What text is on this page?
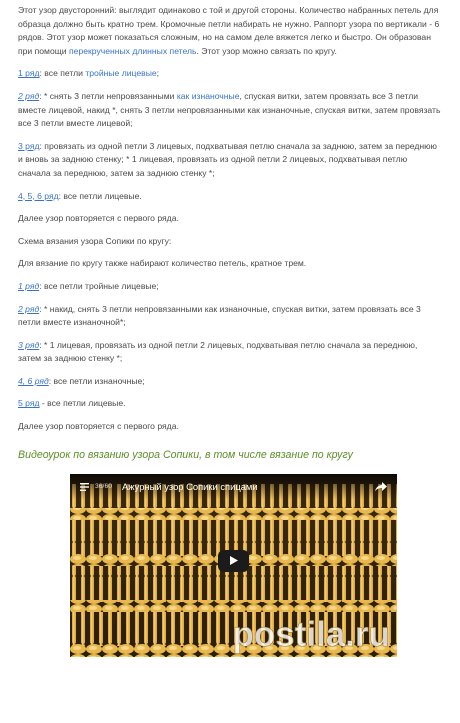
Этот узор двусторонний: выглядит одинаково с той и другой стороны. Количество набранных петель для образца должно быть кратно трем. Кромочные петли набирать не нужно. Раппорт узора по вертикали - 6 рядов. Этот узор может показаться сложным, но на самом деле вяжется легко и быстро. Он образован при помощи перекрученных длинных петель. Этот узор можно связать по кругу.

1 ряд: все петли тройные лицевые;

2 ряд: * снять 3 петли непровязанными как изнаночные, спуская витки, затем провязать все 3 петли вместе лицевой, накид *, снять 3 петли непровязанными как изнаночные, спуская витки, затем провязать все 3 петли вместе лицевой;

3 ряд: провязать из одной петли 3 лицевых, подхватывая петлю сначала за заднюю, затем за переднюю и вновь за заднюю стенку; * 1 лицевая, провязать из одной петли 2 лицевых, подхватывая петлю сначала за переднюю, затем за заднюю стенку *;

4, 5, 6 ряд: все петли лицевые.

Далее узор повторяется с первого ряда.

Схема вязания узора Сопики по кругу:

Для вязание по кругу также набирают количество петель, кратное трем.

1 ряд: все петли тройные лицевые;

2 ряд: * накид, снять 3 петли непровязанными как изнаночные, спуская витки, затем провязать все 3 петли вместе изнаночной*;

3 ряд: * 1 лицевая, провязать из одной петли 2 лицевых, подхватывая петлю сначала за переднюю, затем за заднюю стенку *;

4, 6 ряд: все петли изнаночные;

5 ряд - все петли лицевые.

Далее узор повторяется с первого ряда.

Видеоурок по вязанию узора Сопики, в том числе вязание по кругу
36/60 Ажурный узор Сопики спицами
postila.ru
